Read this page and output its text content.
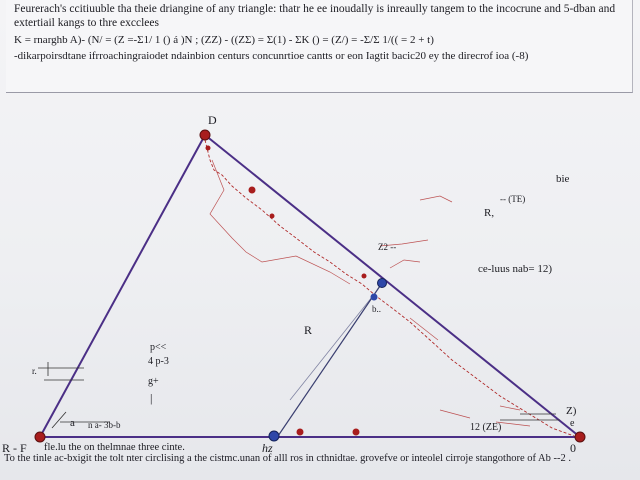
Feurerach's ccitiuuble tha theie driangine of any triangle: thatr he ee inoudally is inreaully tangem to the incocrune and 5-dban and
extertiail kangs to thre excclees
K = rnarghb A)- (N/ = (Z =-Σ1/ 1 () á )N ; (ZZ) - ((ZΣ) = Σ(1) - ΣK () = (Z/) = -Σ/Σ 1/(( = 2 + t)
-dikarpoirsdtane ifrroachingraiodet ndainbion centurs concunrtioe cantts or eon Iagtit bacic20 ey the direcrof ioa (-8)
D
R - F	0
hz
R
R,
bie
-- (TE)
ce-luus nab= 12)
Z2 --
b..
a
r.
p<<
4 p-3
g+
|
n a- 3b-b	12 (ZE)
Z)
e
fle.lu the on thelmnae three cinte.
To the tinle ac-bxigit the tolt nter circlising a the cistmc.unan of alll ros in cthnidtae. grovefve or inteolel cirroje stangothore of Ab --2 .
